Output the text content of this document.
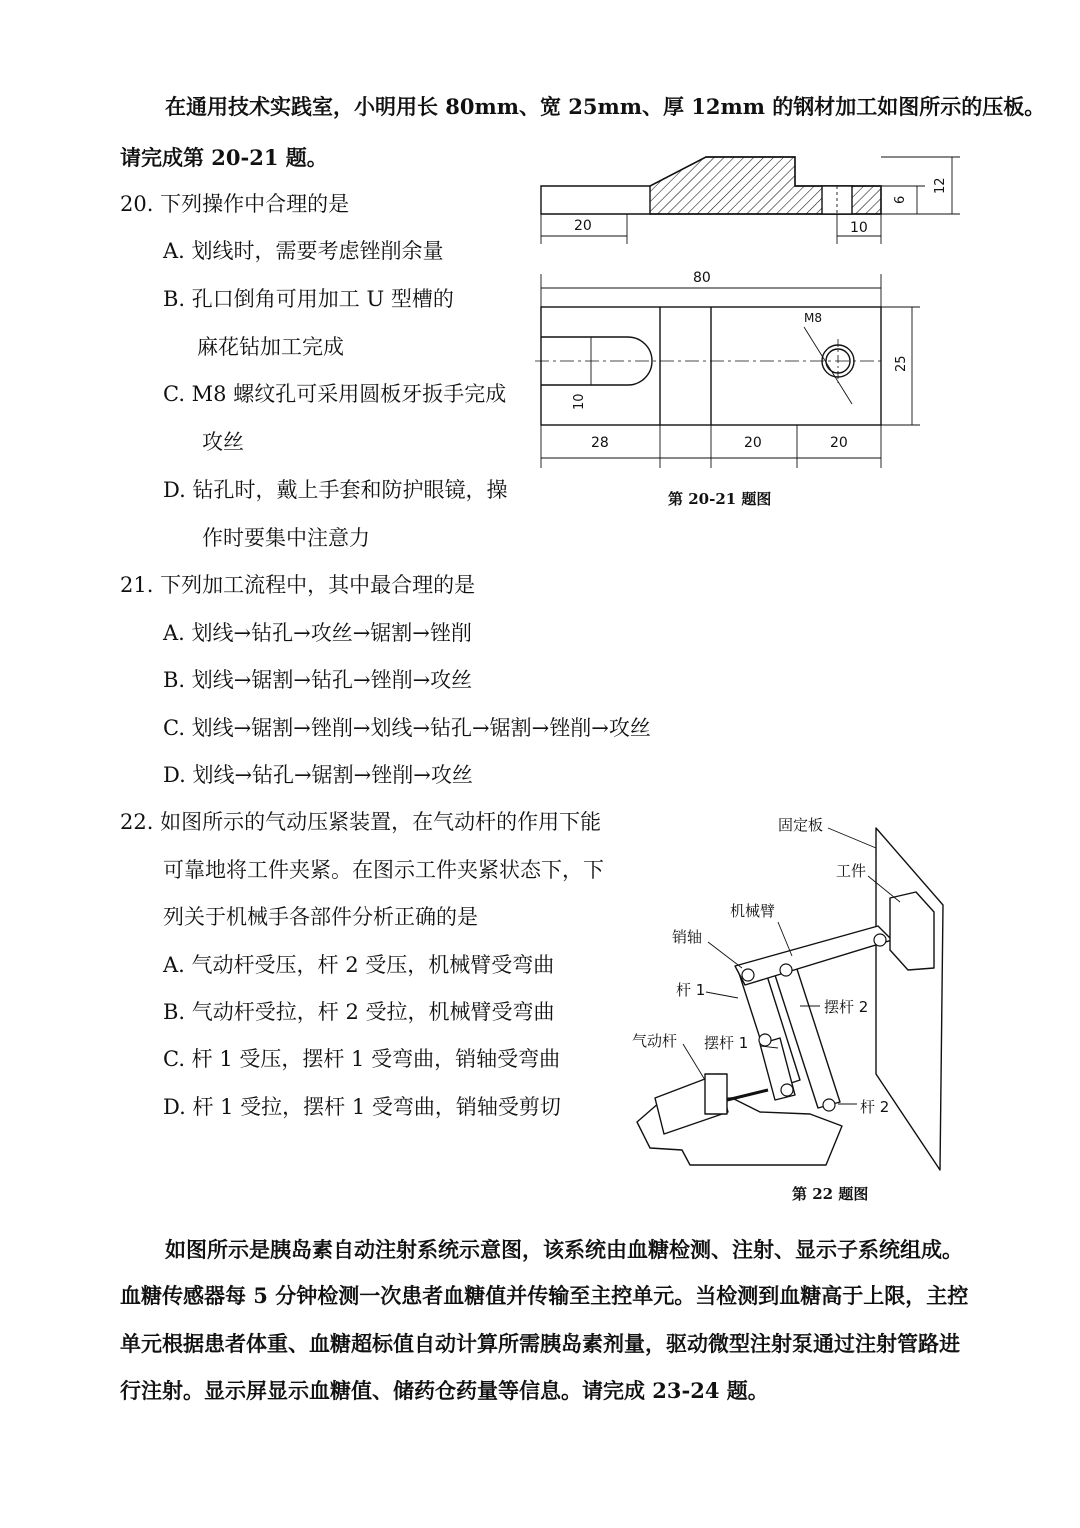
在通用技术实践室，小明用长 80mm、宽 25mm、厚 12mm 的钢材加工如图所示的压板。
请完成第 20-21 题。
20. 下列操作中合理的是
A. 划线时，需要考虑锉削余量
B. 孔口倒角可用加工 U 型槽的
麻花钻加工完成
C. M8 螺纹孔可采用圆板牙扳手完成
攻丝
D. 钻孔时，戴上手套和防护眼镜，操
作时要集中注意力
21. 下列加工流程中，其中最合理的是
A. 划线→钻孔→攻丝→锯割→锉削
B. 划线→锯割→钻孔→锉削→攻丝
C. 划线→锯割→锉削→划线→钻孔→锯割→锉削→攻丝
D. 划线→钻孔→锯割→锉削→攻丝
22. 如图所示的气动压紧装置，在气动杆的作用下能
可靠地将工件夹紧。在图示工件夹紧状态下，下
列关于机械手各部件分析正确的是
A. 气动杆受压，杆 2 受压，机械臂受弯曲
B. 气动杆受拉，杆 2 受拉，机械臂受弯曲
C. 杆 1 受压，摆杆 1 受弯曲，销轴受弯曲
D. 杆 1 受拉，摆杆 1 受弯曲，销轴受剪切
20	10
6
12
80
M8
25
10
28	20	20
第 20-21 题图
固定板
工件
机械臂
销轴
杆 1
摆杆 2
气动杆 摆杆 1
杆 2
第 22 题图
如图所示是胰岛素自动注射系统示意图，该系统由血糖检测、注射、显示子系统组成。
血糖传感器每 5 分钟检测一次患者血糖值并传输至主控单元。当检测到血糖高于上限，主控
单元根据患者体重、血糖超标值自动计算所需胰岛素剂量，驱动微型注射泵通过注射管路进
行注射。显示屏显示血糖值、储药仓药量等信息。请完成 23-24 题。
